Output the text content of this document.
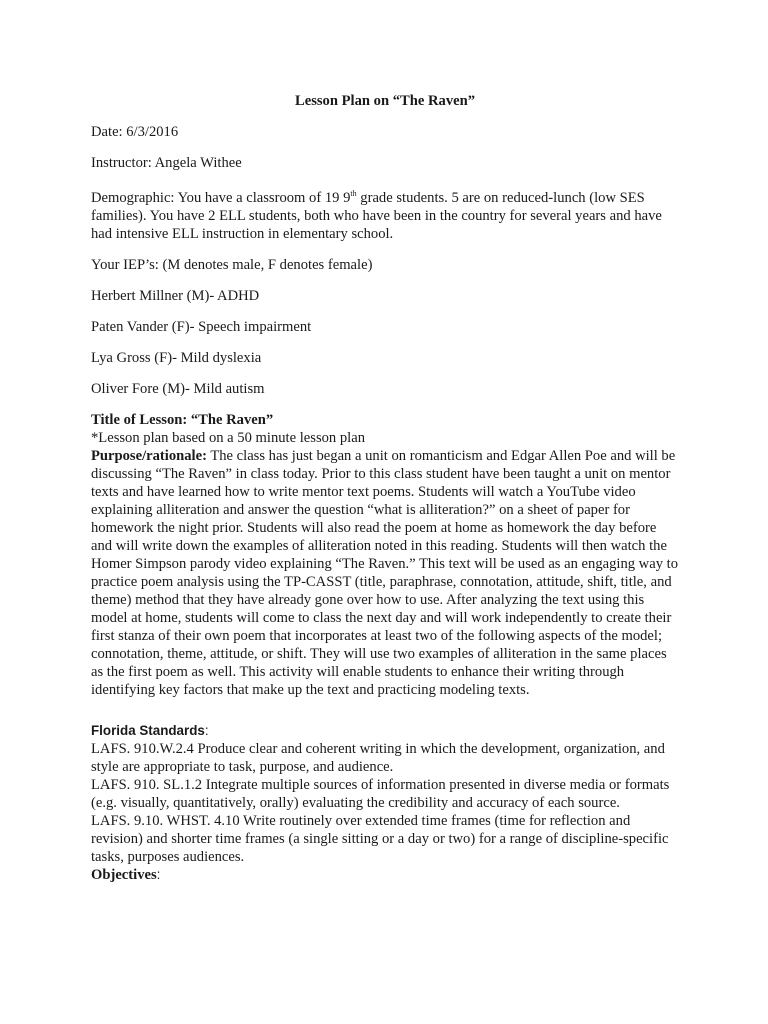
Lesson Plan on “The Raven”

Date: 6/3/2016

Instructor: Angela Withee

Demographic: You have a classroom of 19 9th grade students. 5 are on reduced-lunch (low SES families). You have 2 ELL students, both who have been in the country for several years and have had intensive ELL instruction in elementary school.

Your IEP’s: (M denotes male, F denotes female)

Herbert Millner (M)- ADHD

Paten Vander (F)- Speech impairment

Lya Gross (F)- Mild dyslexia

Oliver Fore (M)- Mild autism

Title of Lesson: “The Raven”

*Lesson plan based on a 50 minute lesson plan

Purpose/rationale: The class has just began a unit on romanticism and Edgar Allen Poe and will be discussing “The Raven” in class today. Prior to this class student have been taught a unit on mentor texts and have learned how to write mentor text poems. Students will watch a YouTube video explaining alliteration and answer the question “what is alliteration?” on a sheet of paper for homework the night prior. Students will also read the poem at home as homework the day before and will write down the examples of alliteration noted in this reading. Students will then watch the Homer Simpson parody video explaining “The Raven.” This text will be used as an engaging way to practice poem analysis using the TP-CASST (title, paraphrase, connotation, attitude, shift, title, and theme) method that they have already gone over how to use. After analyzing the text using this model at home, students will come to class the next day and will work independently to create their first stanza of their own poem that incorporates at least two of the following aspects of the model; connotation, theme, attitude, or shift. They will use two examples of alliteration in the same places as the first poem as well. This activity will enable students to enhance their writing through identifying key factors that make up the text and practicing modeling texts.

Florida Standards:

LAFS. 910.W.2.4 Produce clear and coherent writing in which the development, organization, and style are appropriate to task, purpose, and audience.

LAFS. 910. SL.1.2 Integrate multiple sources of information presented in diverse media or formats (e.g. visually, quantitatively, orally) evaluating the credibility and accuracy of each source.

LAFS. 9.10. WHST. 4.10 Write routinely over extended time frames (time for reflection and revision) and shorter time frames (a single sitting or a day or two) for a range of discipline-specific tasks, purposes audiences.

Objectives:
